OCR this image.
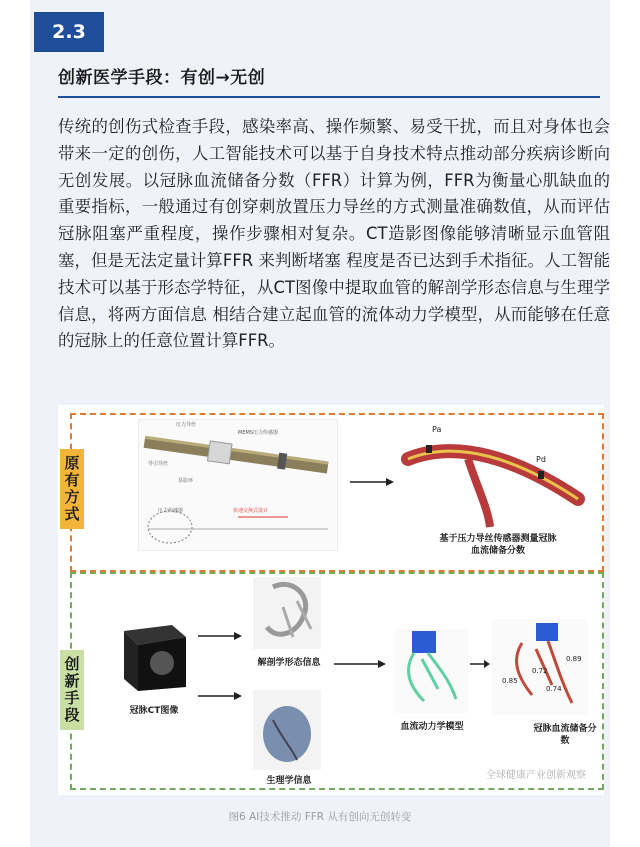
2.3
创新医学手段：有创→无创
传统的创伤式检查手段，感染率高、操作频繁、易受干扰，而且对身体也会带来一定的创伤，人工智能技术可以基于自身技术特点推动部分疾病诊断向无创发展。以冠脉血流储备分数（FFR）计算为例，FFR为衡量心肌缺血的重要指标，一般通过有创穿刺放置压力导丝的方式测量准确数值，从而评估冠脉阻塞严重程度，操作步骤相对复杂。CT造影图像能够清晰显示血管阻塞，但是无法定量计算FFR 来判断堵塞 程度是否已达到手术指征。人工智能技术可以基于形态学特征，从CT图像中提取血管的解剖学形态信息与生理学信息，将两方面信息 相结合建立起血管的流体动力学模型，从而能够在任意的冠脉上的任意位置计算FFR。
原有方式
创新手段
压力导丝
MEMS压力传感器
导引导丝
显影环
压力传感器	快速交换式设计
Pa
Pd
基于压力导丝传感器测量冠脉血流储备分数
冠脉CT图像
解剖学形态信息
生理学信息
血流动力学模型
0.89
0.72
0.85
0.74
冠脉血流储备分数
全球健康产业创新观察
图6 AI技术推动 FFR 从有创向无创转变
